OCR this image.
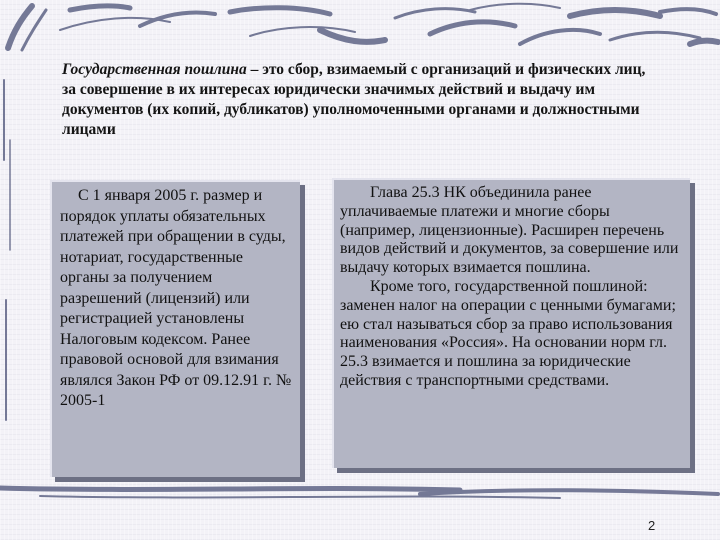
Государственная пошлина – это сбор, взимаемый с организаций и физических лиц, за совершение в их интересах юридически значимых действий и выдачу им документов (их копий, дубликатов) уполномоченными органами и должностными лицами

С 1 января 2005 г. размер и порядок уплаты обязательных платежей при обращении в суды, нотариат, государственные органы за получением разрешений (лицензий) или регистрацией установлены Налоговым кодексом. Ранее правовой основой для взимания являлся Закон РФ от 09.12.91 г. № 2005-1

Глава 25.3 НК объединила ранее уплачиваемые платежи и многие сборы (например, лицензионные). Расширен перечень видов действий и документов, за совершение или выдачу которых взимается пошлина.

Кроме того, государственной пошлиной: заменен налог на операции с ценными бумагами; ею стал называться сбор за право использования наименования «Россия». На основании норм гл. 25.3 взимается и пошлина за юридические действия с транспортными средствами.

2
